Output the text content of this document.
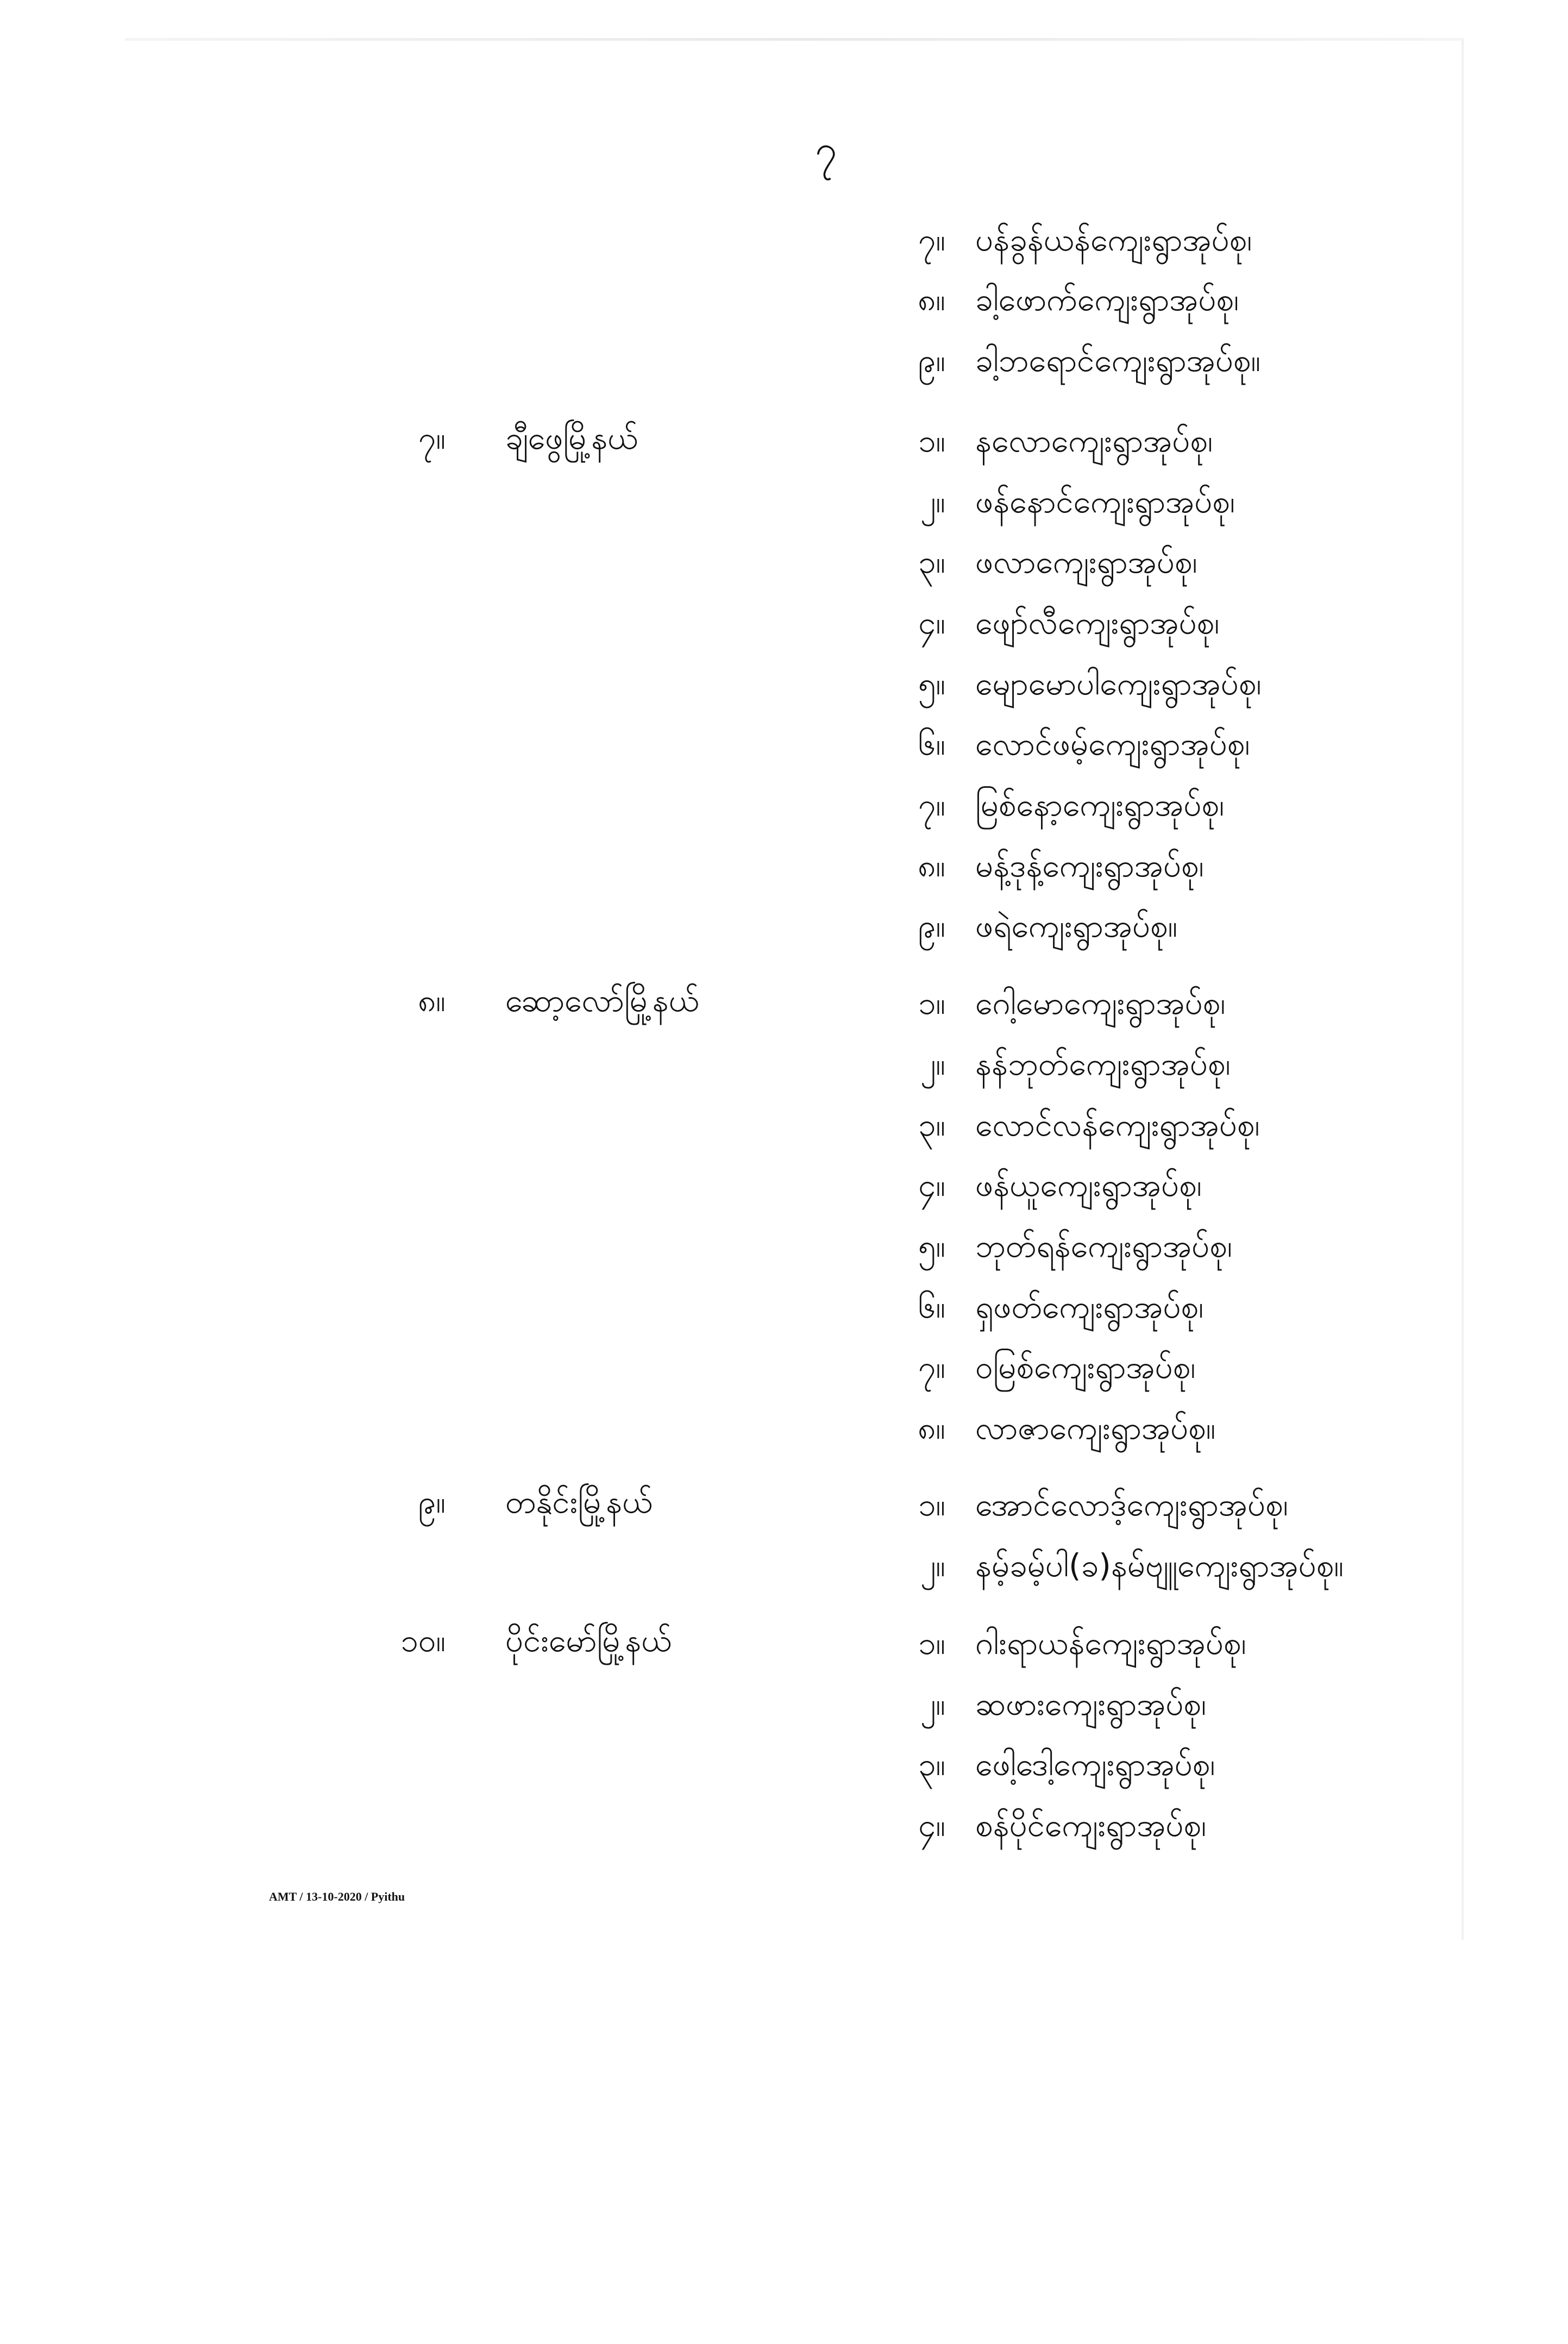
၇
၇။ ပန်ခွန်ယန်ကျေးရွာအုပ်စု၊
၈။ ခါ့ဖောက်ကျေးရွာအုပ်စု၊
၉။ ခါ့ဘရောင်ကျေးရွာအုပ်စု။
၇။ ချီဖွေမြို့နယ်	၁။ နလောကျေးရွာအုပ်စု၊
၂။ ဖန်နောင်ကျေးရွာအုပ်စု၊
၃။ ဖလာကျေးရွာအုပ်စု၊
၄။ ဖျော်လီကျေးရွာအုပ်စု၊
၅။ မျောမောပါကျေးရွာအုပ်စု၊
၆။ လောင်ဖမ့်ကျေးရွာအုပ်စု၊
၇။ မြစ်နော့ကျေးရွာအုပ်စု၊
၈။ မန့်ဒုန့်ကျေးရွာအုပ်စု၊
၉။ ဖရဲကျေးရွာအုပ်စု။
၈။ ဆော့လော်မြို့နယ်	၁။ ဂေါ့မောကျေးရွာအုပ်စု၊
၂။ နန်ဘုတ်ကျေးရွာအုပ်စု၊
၃။ လောင်လန်ကျေးရွာအုပ်စု၊
၄။ ဖန်ယူကျေးရွာအုပ်စု၊
၅။ ဘုတ်ရန်ကျေးရွာအုပ်စု၊
၆။ ရှဖတ်ကျေးရွာအုပ်စု၊
၇။ ဝမြစ်ကျေးရွာအုပ်စု၊
၈။ လာဇာကျေးရွာအုပ်စု။
၉။ တနိုင်းမြို့နယ်	၁။ အောင်လောဒ့်ကျေးရွာအုပ်စု၊
၂။ နမ့်ခမ့်ပါ(ခ)နမ်ဗျူကျေးရွာအုပ်စု။
၁၀။ ပိုင်းမော်မြို့နယ်	၁။ ဂါးရာယန်ကျေးရွာအုပ်စု၊
၂။ ဆဖားကျေးရွာအုပ်စု၊
၃။ ဖေါ့ဒေါ့ကျေးရွာအုပ်စု၊
၄။ စန်ပိုင်ကျေးရွာအုပ်စု၊
AMT / 13-10-2020 / Pyithu
